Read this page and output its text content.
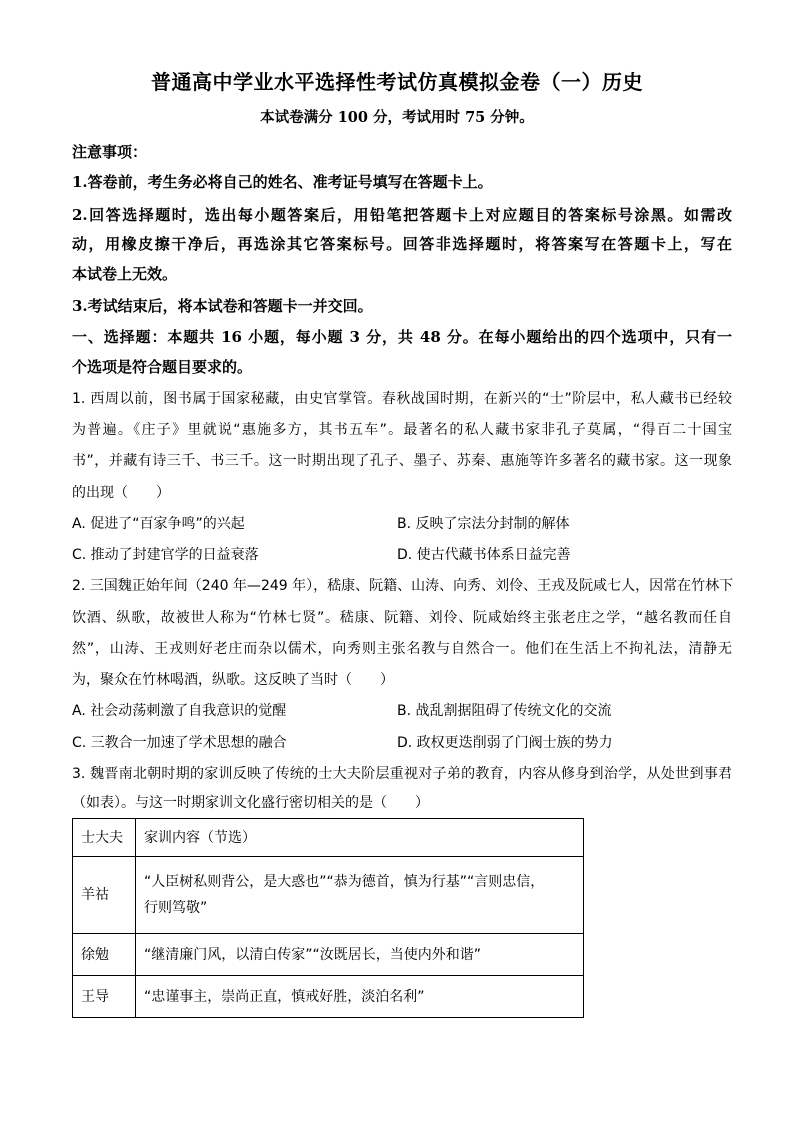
普通高中学业水平选择性考试仿真模拟金卷（一）历史
本试卷满分 100 分，考试用时 75 分钟。
注意事项：
1.答卷前，考生务必将自己的姓名、准考证号填写在答题卡上。
2.回答选择题时，选出每小题答案后，用铅笔把答题卡上对应题目的答案标号涂黑。如需改
动，用橡皮擦干净后，再选涂其它答案标号。回答非选择题时，将答案写在答题卡上，写在
本试卷上无效。
3.考试结束后，将本试卷和答题卡一并交回。
一、选择题：本题共 16 小题，每小题 3 分，共 48 分。在每小题给出的四个选项中，只有一
个选项是符合题目要求的。
1. 西周以前，图书属于国家秘藏，由史官掌管。春秋战国时期，在新兴的“士”阶层中，私人藏书已经较
为普遍。《庄子》里就说“惠施多方，其书五车”。最著名的私人藏书家非孔子莫属，“得百二十国宝
书”，并藏有诗三千、书三千。这一时期出现了孔子、墨子、苏秦、惠施等许多著名的藏书家。这一现象
的出现（　　）
A. 促进了“百家争鸣”的兴起	B. 反映了宗法分封制的解体
C. 推动了封建官学的日益衰落	D. 使古代藏书体系日益完善
2. 三国魏正始年间（240 年—249 年），嵇康、阮籍、山涛、向秀、刘伶、王戎及阮咸七人，因常在竹林下
饮酒、纵歌，故被世人称为“竹林七贤”。嵇康、阮籍、刘伶、阮咸始终主张老庄之学，“越名教而任自
然”，山涛、王戎则好老庄而杂以儒术，向秀则主张名教与自然合一。他们在生活上不拘礼法，清静无
为，聚众在竹林喝酒，纵歌。这反映了当时（　　）
A. 社会动荡刺激了自我意识的觉醒	B. 战乱割据阻碍了传统文化的交流
C. 三教合一加速了学术思想的融合	D. 政权更迭削弱了门阀士族的势力
3. 魏晋南北朝时期的家训反映了传统的士大夫阶层重视对子弟的教育，内容从修身到治学，从处世到事君
（如表）。与这一时期家训文化盛行密切相关的是（　　）
士大夫	家训内容（节选）
羊祜	“人臣树私则背公，是大惑也”“恭为德首，慎为行基”“言则忠信，
行则笃敬”

徐勉	“继清廉门风，以清白传家”“汝既居长，当使内外和谐”
王导	“忠谨事主，崇尚正直，慎戒好胜，淡泊名利”
